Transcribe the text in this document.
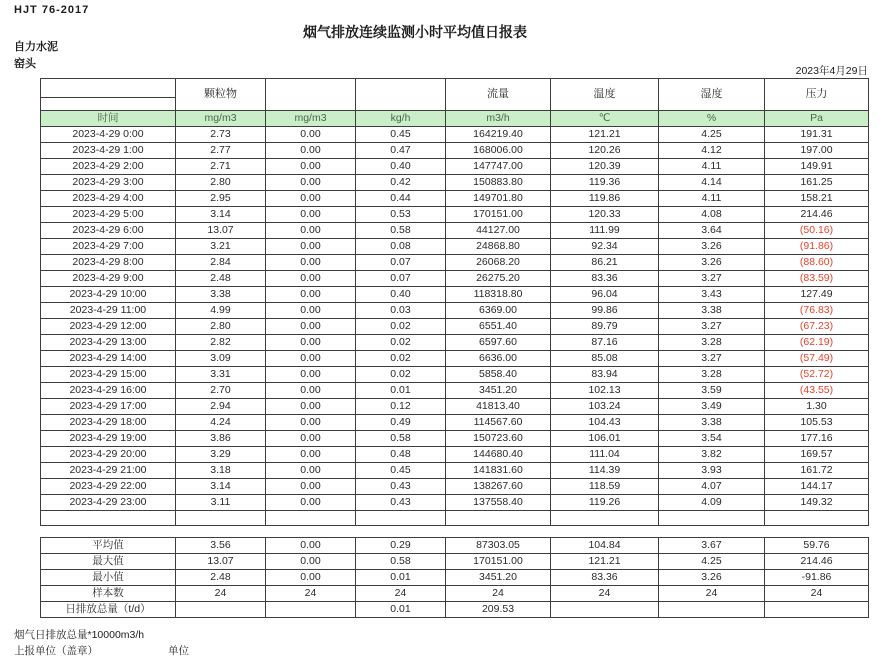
HJT 76-2017
烟气排放连续监测小时平均值日报表
自力水泥
窑头
2023年4月29日
	颗粒物			流量	温度	湿度	压力

时间	mg/m3	mg/m3	kg/h	m3/h	℃	%	Pa
2023-4-29 0:00	2.73	0.00	0.45	164219.40	121.21	4.25	191.31
2023-4-29 1:00	2.77	0.00	0.47	168006.00	120.26	4.12	197.00
2023-4-29 2:00	2.71	0.00	0.40	147747.00	120.39	4.11	149.91
2023-4-29 3:00	2.80	0.00	0.42	150883.80	119.36	4.14	161.25
2023-4-29 4:00	2.95	0.00	0.44	149701.80	119.86	4.11	158.21
2023-4-29 5:00	3.14	0.00	0.53	170151.00	120.33	4.08	214.46
2023-4-29 6:00	13.07	0.00	0.58	44127.00	111.99	3.64	(50.16)
2023-4-29 7:00	3.21	0.00	0.08	24868.80	92.34	3.26	(91.86)
2023-4-29 8:00	2.84	0.00	0.07	26068.20	86.21	3.26	(88.60)
2023-4-29 9:00	2.48	0.00	0.07	26275.20	83.36	3.27	(83.59)
2023-4-29 10:00	3.38	0.00	0.40	118318.80	96.04	3.43	127.49
2023-4-29 11:00	4.99	0.00	0.03	6369.00	99.86	3.38	(76.83)
2023-4-29 12:00	2.80	0.00	0.02	6551.40	89.79	3.27	(67.23)
2023-4-29 13:00	2.82	0.00	0.02	6597.60	87.16	3.28	(62.19)
2023-4-29 14:00	3.09	0.00	0.02	6636.00	85.08	3.27	(57.49)
2023-4-29 15:00	3.31	0.00	0.02	5858.40	83.94	3.28	(52.72)
2023-4-29 16:00	2.70	0.00	0.01	3451.20	102.13	3.59	(43.55)
2023-4-29 17:00	2.94	0.00	0.12	41813.40	103.24	3.49	1.30
2023-4-29 18:00	4.24	0.00	0.49	114567.60	104.43	3.38	105.53
2023-4-29 19:00	3.86	0.00	0.58	150723.60	106.01	3.54	177.16
2023-4-29 20:00	3.29	0.00	0.48	144680.40	111.04	3.82	169.57
2023-4-29 21:00	3.18	0.00	0.45	141831.60	114.39	3.93	161.72
2023-4-29 22:00	3.14	0.00	0.43	138267.60	118.59	4.07	144.17
2023-4-29 23:00	3.11	0.00	0.43	137558.40	119.26	4.09	149.32

平均值	3.56	0.00	0.29	87303.05	104.84	3.67	59.76
最大值	13.07	0.00	0.58	170151.00	121.21	4.25	214.46
最小值	2.48	0.00	0.01	3451.20	83.36	3.26	-91.86
样本数	24	24	24	24	24	24	24
日排放总量（t/d）			0.01	209.53			
烟气日排放总量*10000m3/h
上报单位（盖章）	单位
